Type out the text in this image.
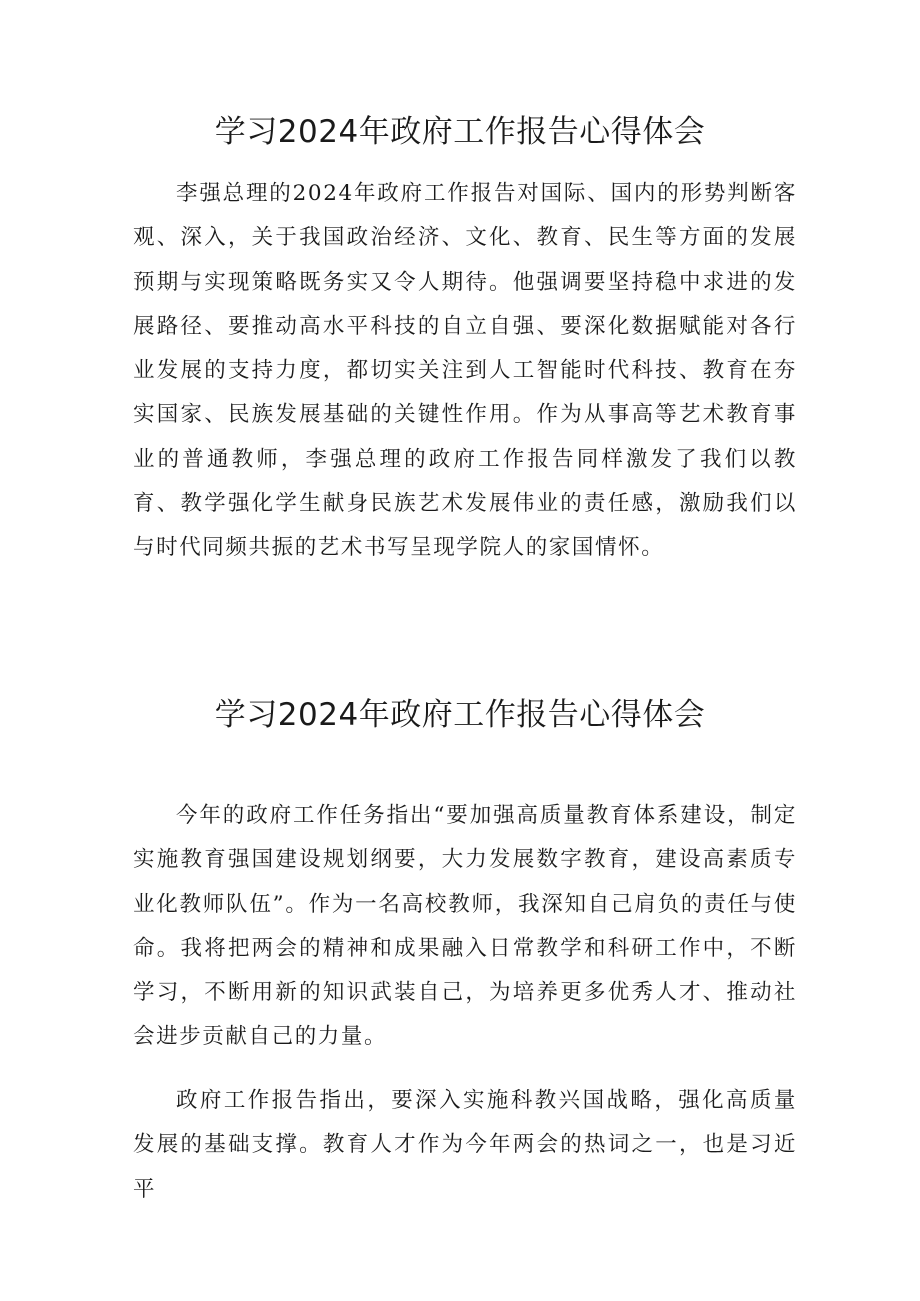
学习2024年政府工作报告心得体会

李强总理的2024年政府工作报告对国际、国内的形势判断客观、深入，关于我国政治经济、文化、教育、民生等方面的发展预期与实现策略既务实又令人期待。他强调要坚持稳中求进的发展路径、要推动高水平科技的自立自强、要深化数据赋能对各行业发展的支持力度，都切实关注到人工智能时代科技、教育在夯实国家、民族发展基础的关键性作用。作为从事高等艺术教育事业的普通教师，李强总理的政府工作报告同样激发了我们以教育、教学强化学生献身民族艺术发展伟业的责任感，激励我们以与时代同频共振的艺术书写呈现学院人的家国情怀。

学习2024年政府工作报告心得体会

今年的政府工作任务指出“要加强高质量教育体系建设，制定实施教育强国建设规划纲要，大力发展数字教育，建设高素质专业化教师队伍”。作为一名高校教师，我深知自己肩负的责任与使命。我将把两会的精神和成果融入日常教学和科研工作中，不断学习，不断用新的知识武装自己，为培养更多优秀人才、推动社会进步贡献自己的力量。

政府工作报告指出，要深入实施科教兴国战略，强化高质量发展的基础支撑。教育人才作为今年两会的热词之一，也是习近平
